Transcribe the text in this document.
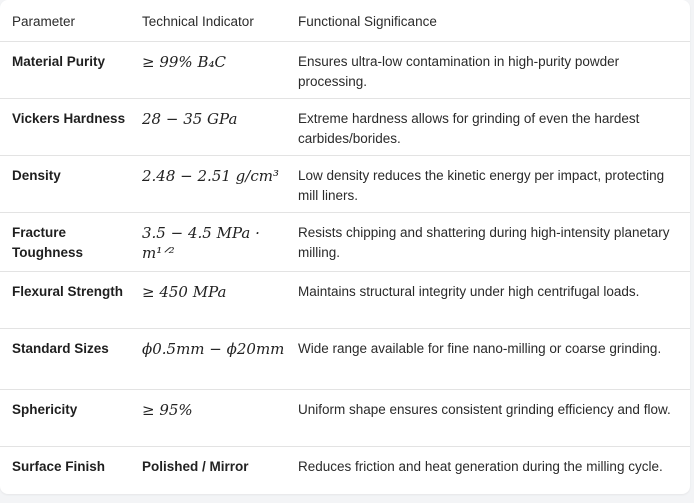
Parameter	Technical Indicator	Functional Significance
Material Purity	≥ 99% B₄C	Ensures ultra-low contamination in high-purity powder processing.
Vickers Hardness	28 − 35 GPa	Extreme hardness allows for grinding of even the hardest carbides/borides.
Density	2.48 − 2.51 g/cm³	Low density reduces the kinetic energy per impact, protecting mill liners.
Fracture Toughness	3.5 − 4.5 MPa · m¹ᐟ²	Resists chipping and shattering during high-intensity planetary milling.
Flexural Strength	≥ 450 MPa	Maintains structural integrity under high centrifugal loads.
Standard Sizes	ϕ0.5mm − ϕ20mm	Wide range available for fine nano-milling or coarse grinding.
Sphericity	≥ 95%	Uniform shape ensures consistent grinding efficiency and flow.
Surface Finish	Polished / Mirror	Reduces friction and heat generation during the milling cycle.
